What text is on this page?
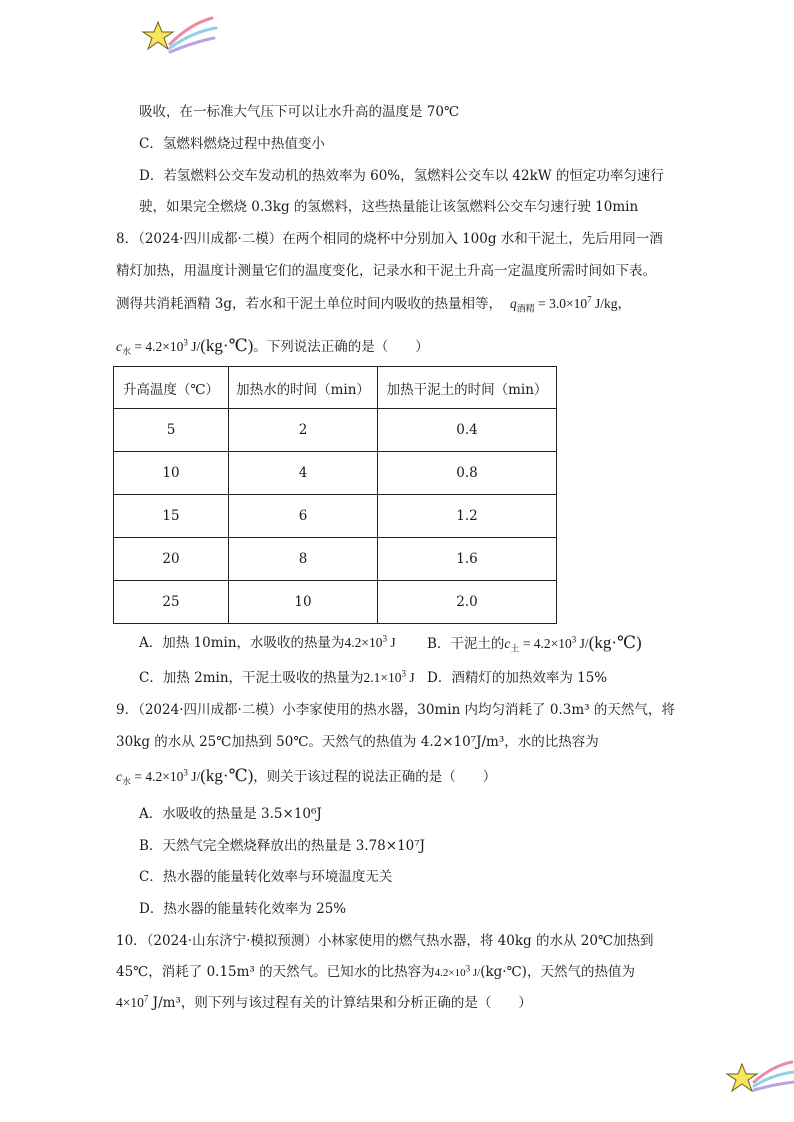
吸收，在一标准大气压下可以让水升高的温度是 70℃
C．氢燃料燃烧过程中热值变小
D．若氢燃料公交车发动机的热效率为 60%，氢燃料公交车以 42kW 的恒定功率匀速行
驶，如果完全燃烧 0.3kg 的氢燃料，这些热量能让该氢燃料公交车匀速行驶 10min
8．（2024·四川成都·二模）在两个相同的烧杯中分别加入 100g 水和干泥土，先后用同一酒
精灯加热，用温度计测量它们的温度变化，记录水和干泥土升高一定温度所需时间如下表。
测得共消耗酒精 3g，若水和干泥土单位时间内吸收的热量相等， $q_{酒精} = 3.0\times 10^7$ J/kg，
$c_水 = 4.2\times 10^3$ J/(kg·℃)。下列说法正确的是（　　）
升高温度（℃）	加热水的时间（min）	加热干泥土的时间（min）
5	2	0.4
10	4	0.8
15	6	1.2
20	8	1.6
25	10	2.0
A．加热 10min，水吸收的热量为$4.2\times 10^3$ J B．干泥土的$c_土 = 4.2\times 10^3$ J/(kg·℃)
C．加热 2min，干泥土吸收的热量为$2.1\times 10^3$ J D．酒精灯的加热效率为 15%
9．（2024·四川成都·二模）小李家使用的热水器，30min 内均匀消耗了 0.3m³ 的天然气，将
30kg 的水从 25℃加热到 50℃。天然气的热值为 4.2×10⁷J/m³，水的比热容为
$c_水 = 4.2\times 10^3$ J/(kg·℃)，则关于该过程的说法正确的是（　　）
A．水吸收的热量是 3.5×10⁶J
B．天然气完全燃烧释放出的热量是 3.78×10⁷J
C．热水器的能量转化效率与环境温度无关
D．热水器的能量转化效率为 25%
10．（2024·山东济宁·模拟预测）小林家使用的燃气热水器，将 40kg 的水从 20℃加热到
45℃，消耗了 0.15m³ 的天然气。已知水的比热容为$4.2\times 10^3$ J/(kg·℃)，天然气的热值为
$4\times 10^7$ J/m³，则下列与该过程有关的计算结果和分析正确的是（　　）
